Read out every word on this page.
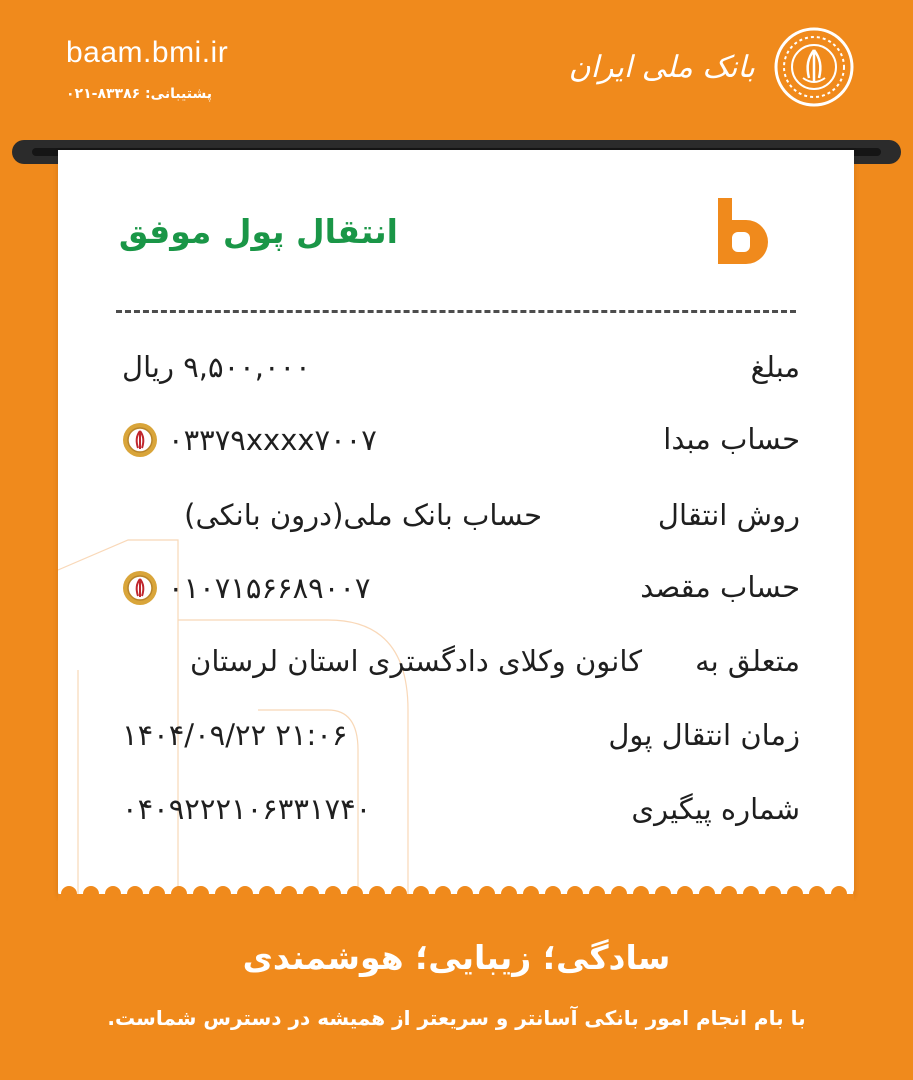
baam.bmi.ir
پشتیبانی: ۸۳۳۸۶-۰۲۱
بانک ملی ایران
انتقال پول موفق
مبلغ
۹,۵۰۰,۰۰۰ ریال
حساب مبدا
۰۳۳۷۹xxxx۷۰۰۷
روش انتقال
حساب بانک ملی(درون بانکی)
حساب مقصد
۰۱۰۷۱۵۶۶۸۹۰۰۷
متعلق به
کانون وکلای دادگستری استان لرستان
زمان انتقال پول
۱۴۰۴/۰۹/۲۲ ۲۱:۰۶
شماره پیگیری
۰۴۰۹۲۲۲۱۰۶۳۳۱۷۴۰
سادگی؛ زیبایی؛ هوشمندی
با بام انجام امور بانکی آسانتر و سریعتر از همیشه در دسترس شماست.
